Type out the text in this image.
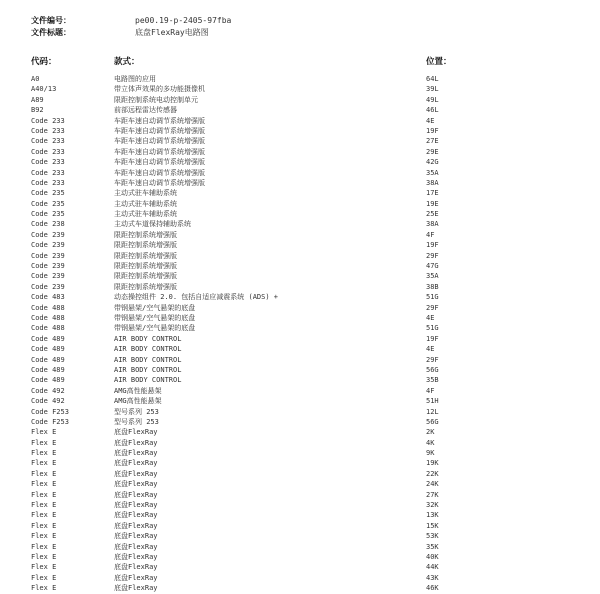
文件编号：	pe00.19-p-2405-97fba
文件标题：	底盘FlexRay电路图
代码：	款式：	位置：
A0	电路图的应用	64L
A40/13	带立体声效果的多功能摄像机	39L
A89	限距控制系统电动控制单元	49L
B92	前部远程雷达传感器	46L
Code 233	车距车速自动调节系统增强版	4E
Code 233	车距车速自动调节系统增强版	19F
Code 233	车距车速自动调节系统增强版	27E
Code 233	车距车速自动调节系统增强版	29E
Code 233	车距车速自动调节系统增强版	42G
Code 233	车距车速自动调节系统增强版	35A
Code 233	车距车速自动调节系统增强版	38A
Code 235	主动式驻车辅助系统	17E
Code 235	主动式驻车辅助系统	19E
Code 235	主动式驻车辅助系统	25E
Code 238	主动式车道保持辅助系统	38A
Code 239	限距控制系统增强版	4F
Code 239	限距控制系统增强版	19F
Code 239	限距控制系统增强版	29F
Code 239	限距控制系统增强版	47G
Code 239	限距控制系统增强版	35A
Code 239	限距控制系统增强版	38B
Code 483	动态操控组件 2.0. 包括自适应减震系统 (ADS) +	51G
Code 488	带钢悬架/空气悬架的底盘	29F
Code 488	带钢悬架/空气悬架的底盘	4E
Code 488	带钢悬架/空气悬架的底盘	51G
Code 489	AIR BODY CONTROL	19F
Code 489	AIR BODY CONTROL	4E
Code 489	AIR BODY CONTROL	29F
Code 489	AIR BODY CONTROL	56G
Code 489	AIR BODY CONTROL	35B
Code 492	AMG高性能悬架	4F
Code 492	AMG高性能悬架	51H
Code F253	型号系列 253	12L
Code F253	型号系列 253	56G
Flex E	底盘FlexRay	2K
Flex E	底盘FlexRay	4K
Flex E	底盘FlexRay	9K
Flex E	底盘FlexRay	19K
Flex E	底盘FlexRay	22K
Flex E	底盘FlexRay	24K
Flex E	底盘FlexRay	27K
Flex E	底盘FlexRay	32K
Flex E	底盘FlexRay	13K
Flex E	底盘FlexRay	15K
Flex E	底盘FlexRay	53K
Flex E	底盘FlexRay	35K
Flex E	底盘FlexRay	40K
Flex E	底盘FlexRay	44K
Flex E	底盘FlexRay	43K
Flex E	底盘FlexRay	46K
